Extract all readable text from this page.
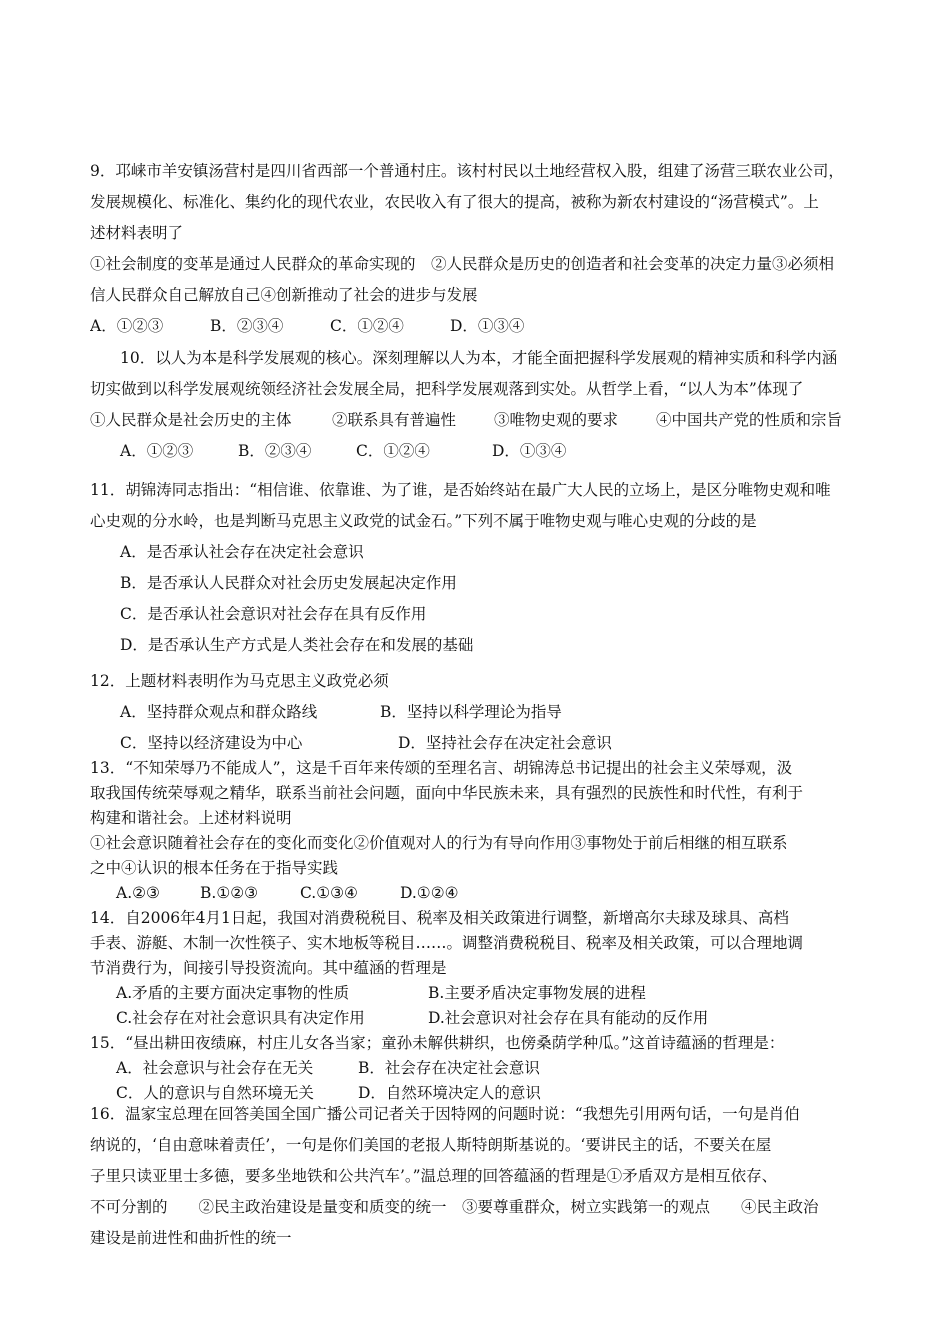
9．邛崃市羊安镇汤营村是四川省西部一个普通村庄。该村村民以土地经营权入股，组建了汤营三联农业公司，
发展规模化、标准化、集约化的现代农业，农民收入有了很大的提高，被称为新农村建设的“汤营模式”。上
述材料表明了
①社会制度的变革是通过人民群众的革命实现的　②人民群众是历史的创造者和社会变革的决定力量③必须相
信人民群众自己解放自己④创新推动了社会的进步与发展
A．①②③	B．②③④	C．①②④	D．①③④
10．以人为本是科学发展观的核心。深刻理解以人为本，才能全面把握科学发展观的精神实质和科学内涵
切实做到以科学发展观统领经济社会发展全局，把科学发展观落到实处。从哲学上看，“以人为本”体现了
①人民群众是社会历史的主体	②联系具有普遍性	③唯物史观的要求	④中国共产党的性质和宗旨
A．①②③	B．②③④	C．①②④	D．①③④
11．胡锦涛同志指出：“相信谁、依靠谁、为了谁，是否始终站在最广大人民的立场上，是区分唯物史观和唯
心史观的分水岭，也是判断马克思主义政党的试金石。”下列不属于唯物史观与唯心史观的分歧的是
A．是否承认社会存在决定社会意识
B．是否承认人民群众对社会历史发展起决定作用
C．是否承认社会意识对社会存在具有反作用
D．是否承认生产方式是人类社会存在和发展的基础
12．上题材料表明作为马克思主义政党必须
A．坚持群众观点和群众路线	B．坚持以科学理论为指导
C．坚持以经济建设为中心	D．坚持社会存在决定社会意识
13．“不知荣辱乃不能成人”，这是千百年来传颂的至理名言、胡锦涛总书记提出的社会主义荣辱观，汲
取我国传统荣辱观之精华，联系当前社会问题，面向中华民族未来，具有强烈的民族性和时代性，有利于
构建和谐社会。上述材料说明
①社会意识随着社会存在的变化而变化②价值观对人的行为有导向作用③事物处于前后相继的相互联系
之中④认识的根本任务在于指导实践
A.②③	B.①②③	C.①③④	D.①②④
14．自2006年4月1日起，我国对消费税税目、税率及相关政策进行调整，新增高尔夫球及球具、高档
手表、游艇、木制一次性筷子、实木地板等税目……。调整消费税税目、税率及相关政策，可以合理地调
节消费行为，间接引导投资流向。其中蕴涵的哲理是
A.矛盾的主要方面决定事物的性质	B.主要矛盾决定事物发展的进程
C.社会存在对社会意识具有决定作用	D.社会意识对社会存在具有能动的反作用
15．“昼出耕田夜绩麻，村庄儿女各当家；童孙未解供耕织，也傍桑荫学种瓜。”这首诗蕴涵的哲理是：
A．社会意识与社会存在无关	B．社会存在决定社会意识
C．人的意识与自然环境无关	D．自然环境决定人的意识
16．温家宝总理在回答美国全国广播公司记者关于因特网的问题时说：“我想先引用两句话，一句是肖伯
纳说的，‘自由意味着责任’，一句是你们美国的老报人斯特朗斯基说的。‘要讲民主的话，不要关在屋
子里只读亚里士多德，要多坐地铁和公共汽车’。”温总理的回答蕴涵的哲理是①矛盾双方是相互依存、
不可分割的　　②民主政治建设是量变和质变的统一　③要尊重群众，树立实践第一的观点　　④民主政治
建设是前进性和曲折性的统一
